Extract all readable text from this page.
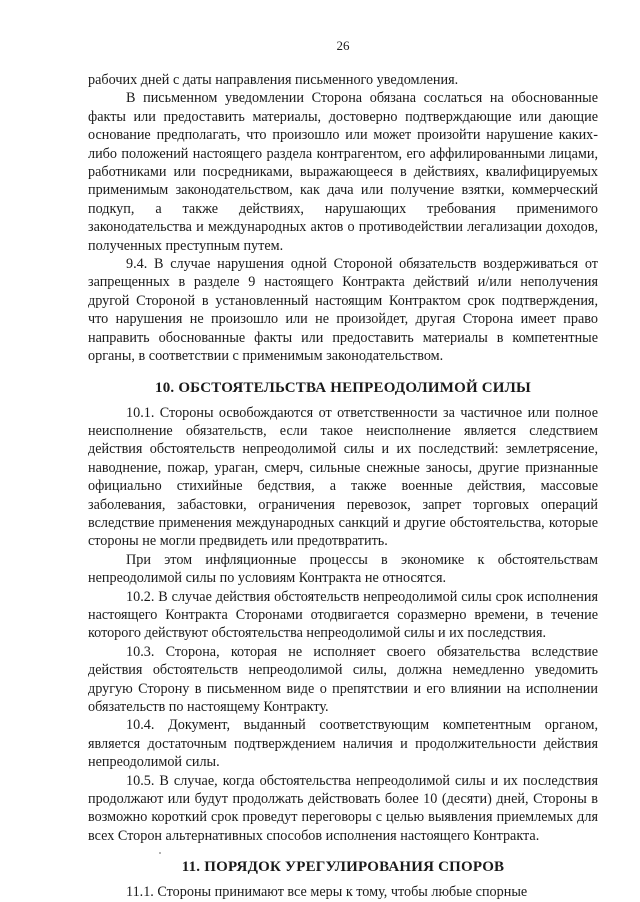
26

рабочих дней с даты направления письменного уведомления.

В письменном уведомлении Сторона обязана сослаться на обоснованные факты или предоставить материалы, достоверно подтверждающие или дающие основание предполагать, что произошло или может произойти нарушение каких-либо положений настоящего раздела контрагентом, его аффилированными лицами, работниками или посредниками, выражающееся в действиях, квалифицируемых применимым законодательством, как дача или получение взятки, коммерческий подкуп, а также действиях, нарушающих требования применимого законодательства и международных актов о противодействии легализации доходов, полученных преступным путем.

9.4. В случае нарушения одной Стороной обязательств воздерживаться от запрещенных в разделе 9 настоящего Контракта действий и/или неполучения другой Стороной в установленный настоящим Контрактом срок подтверждения, что нарушения не произошло или не произойдет, другая Сторона имеет право направить обоснованные факты или предоставить материалы в компетентные органы, в соответствии с применимым законодательством.

10. ОБСТОЯТЕЛЬСТВА НЕПРЕОДОЛИМОЙ СИЛЫ

10.1. Стороны освобождаются от ответственности за частичное или полное неисполнение обязательств, если такое неисполнение является следствием действия обстоятельств непреодолимой силы и их последствий: землетрясение, наводнение, пожар, ураган, смерч, сильные снежные заносы, другие признанные официально стихийные бедствия, а также военные действия, массовые заболевания, забастовки, ограничения перевозок, запрет торговых операций вследствие применения международных санкций и другие обстоятельства, которые стороны не могли предвидеть или предотвратить.

При этом инфляционные процессы в экономике к обстоятельствам непреодолимой силы по условиям Контракта не относятся.

10.2. В случае действия обстоятельств непреодолимой силы срок исполнения настоящего Контракта Сторонами отодвигается соразмерно времени, в течение которого действуют обстоятельства непреодолимой силы и их последствия.

10.3. Сторона, которая не исполняет своего обязательства вследствие действия обстоятельств непреодолимой силы, должна немедленно уведомить другую Сторону в письменном виде о препятствии и его влиянии на исполнении обязательств по настоящему Контракту.

10.4. Документ, выданный соответствующим компетентным органом, является достаточным подтверждением наличия и продолжительности действия непреодолимой силы.

10.5. В случае, когда обстоятельства непреодолимой силы и их последствия продолжают или будут продолжать действовать более 10 (десяти) дней, Стороны в возможно короткий срок проведут переговоры с целью выявления приемлемых для всех Сторон альтернативных способов исполнения настоящего Контракта.

11. ПОРЯДОК УРЕГУЛИРОВАНИЯ СПОРОВ

11.1. Стороны принимают все меры к тому, чтобы любые спорные
